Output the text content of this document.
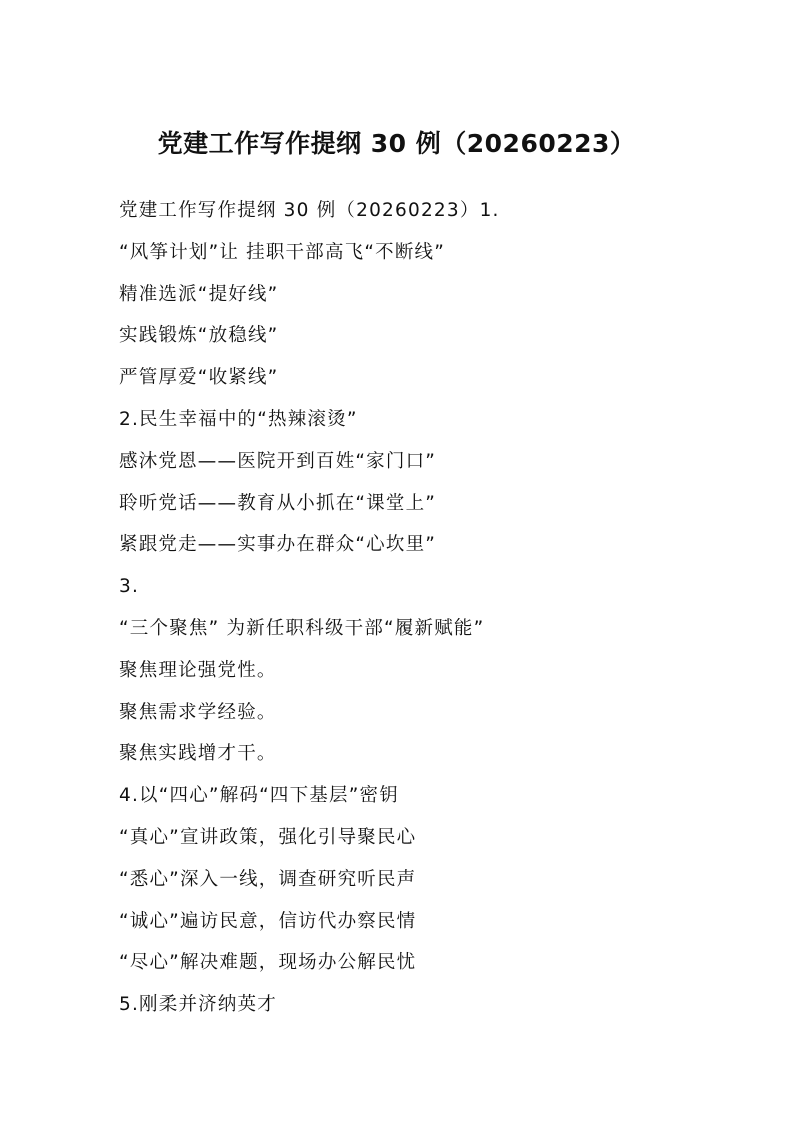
党建工作写作提纲 30 例（20260223）
党建工作写作提纲 30 例（20260223）1.
“风筝计划”让 挂职干部高飞“不断线”
精准选派“提好线”
实践锻炼“放稳线”
严管厚爱“收紧线”
2.民生幸福中的“热辣滚烫”
感沐党恩——医院开到百姓“家门口”
聆听党话——教育从小抓在“课堂上”
紧跟党走——实事办在群众“心坎里”
3.
“三个聚焦” 为新任职科级干部“履新赋能”
聚焦理论强党性。
聚焦需求学经验。
聚焦实践增才干。
4.以“四心”解码“四下基层”密钥
“真心”宣讲政策，强化引导聚民心
“悉心”深入一线，调查研究听民声
“诚心”遍访民意，信访代办察民情
“尽心”解决难题，现场办公解民忧
5.刚柔并济纳英才
